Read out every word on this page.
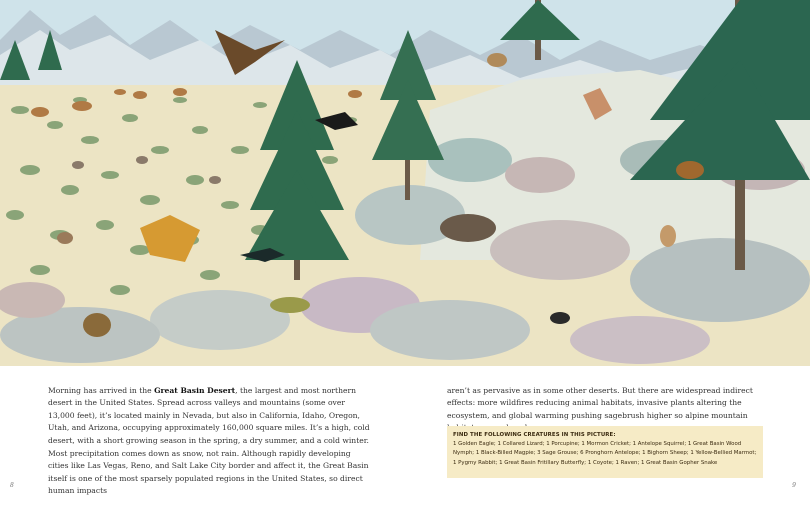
Morning has arrived in the Great Basin Desert, the largest and most northern desert in the United States. Spread across valleys and mountains (some over 13,000 feet), it’s located mainly in Nevada, but also in California, Idaho, Oregon, Utah, and Arizona, occupying approximately 160,000 square miles. It’s a high, cold desert, with a short growing season in the spring, a dry summer, and a cold winter. Most precipitation comes down as snow, not rain. Although rapidly developing cities like Las Vegas, Reno, and Salt Lake City border and affect it, the Great Basin itself is one of the most sparsely populated regions in the United States, so direct human impacts

aren’t as pervasive as in some other deserts. But there are widespread indirect effects: more wildfires reducing animal habitats, invasive plants altering the ecosystem, and global warming pushing sagebrush higher so alpine mountain

FIND THE FOLLOWING CREATURES IN THIS PICTURE:
1 Golden Eagle; 1 Collared Lizard; 1 Porcupine; 1 Mormon Cricket; 1 Antelope Squirrel; 1 Great Basin Wood Nymph; 1 Black-Billed Magpie; 3 Sage Grouse; 6 Pronghorn Antelope; 1 Bighorn Sheep; 1 Yellow-Bellied Marmot; 1 Pygmy Rabbit; 1 Great Basin Fritillary Butterfly; 1 Coyote; 1 Raven; 1 Great Basin Gopher Snake
8	9
